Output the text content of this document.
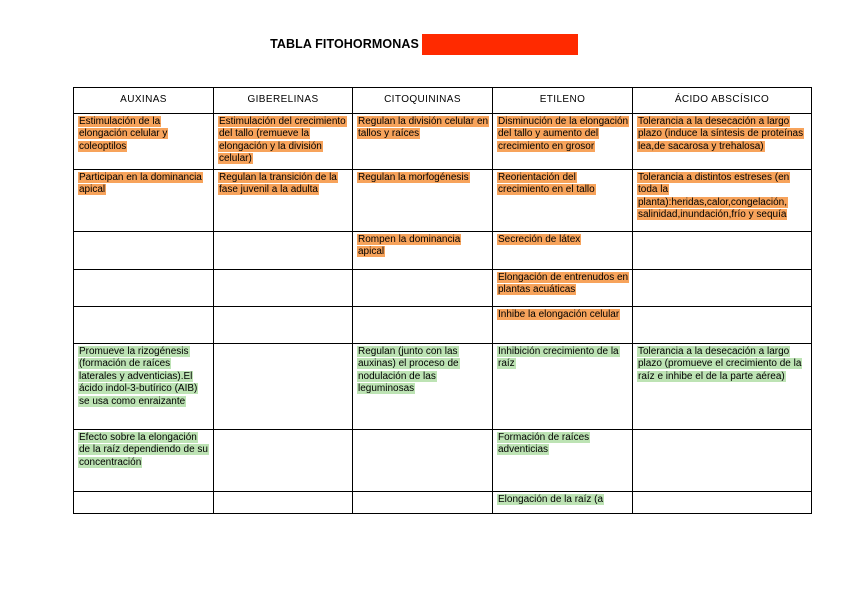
TABLA FITOHORMONAS
AUXINAS	GIBERELINAS	CITOQUININAS	ETILENO	ÁCIDO ABSCÍSICO
Estimulación de la elongación celular y coleoptilos	Estimulación del crecimiento del tallo (remueve la elongación y la división celular)	Regulan la división celular en tallos y raíces	Disminución de la elongación del tallo y aumento del crecimiento en grosor	Tolerancia a la desecación a largo plazo (induce la síntesis de proteínas lea,de sacarosa y trehalosa)
Participan en la dominancia apical	Regulan la transición de la fase juvenil a la adulta	Regulan la morfogénesis	Reorientación del crecimiento en el tallo	Tolerancia a distintos estreses (en toda la planta):heridas,calor,congelación, salinidad,inundación,frío y sequía
		Rompen la dominancia apical	Secreción de látex	
			Elongación de entrenudos en plantas acuáticas	
			Inhibe la elongación celular	
Promueve la rizogénesis (formación de raíces laterales y adventicias).El ácido indol-3-butírico (AIB) se usa como enraizante		Regulan (junto con las auxinas) el proceso de nodulación de las leguminosas	Inhibición crecimiento de la raíz	Tolerancia a la desecación a largo plazo (promueve el crecimiento de la raíz e inhibe el de la parte aérea)
Efecto sobre la elongación de la raíz dependiendo de su concentración			Formación de raíces adventicias	
			Elongación de la raíz (a	
